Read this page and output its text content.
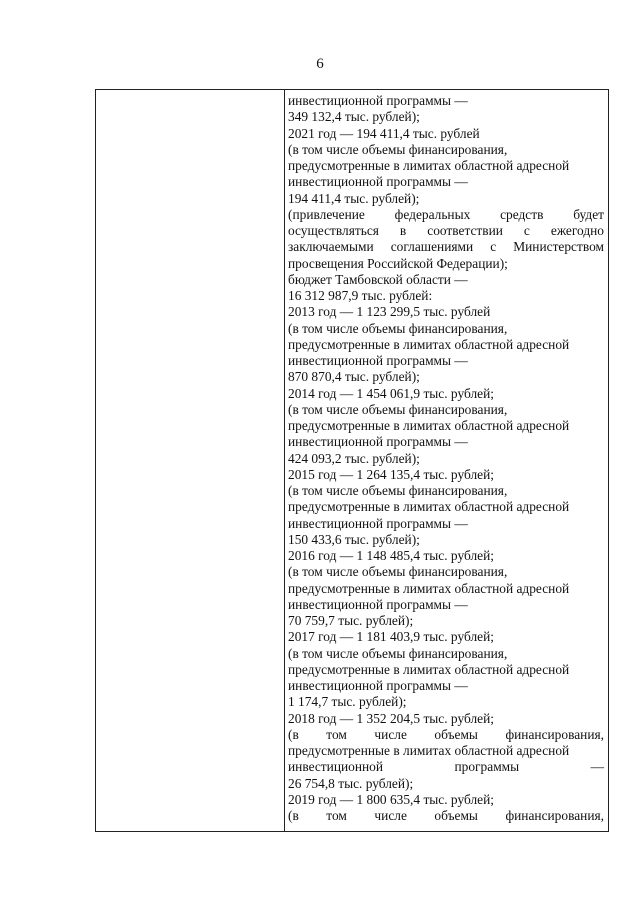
6
инвестиционной программы —
349 132,4 тыс. рублей);
2021 год — 194 411,4 тыс. рублей
(в том числе объемы финансирования,
предусмотренные в лимитах областной адресной
инвестиционной программы —
194 411,4 тыс. рублей);
(привлечение федеральных средств будет
осуществляться в соответствии с ежегодно
заключаемыми соглашениями с Министерством
просвещения Российской Федерации);
бюджет Тамбовской области —
16 312 987,9 тыс. рублей:
2013 год — 1 123 299,5 тыс. рублей
(в том числе объемы финансирования,
предусмотренные в лимитах областной адресной
инвестиционной программы —
870 870,4 тыс. рублей);
2014 год — 1 454 061,9 тыс. рублей;
(в том числе объемы финансирования,
предусмотренные в лимитах областной адресной
инвестиционной программы —
424 093,2 тыс. рублей);
2015 год — 1 264 135,4 тыс. рублей;
(в том числе объемы финансирования,
предусмотренные в лимитах областной адресной
инвестиционной программы —
150 433,6 тыс. рублей);
2016 год — 1 148 485,4 тыс. рублей;
(в том числе объемы финансирования,
предусмотренные в лимитах областной адресной
инвестиционной программы —
70 759,7 тыс. рублей);
2017 год — 1 181 403,9 тыс. рублей;
(в том числе объемы финансирования,
предусмотренные в лимитах областной адресной
инвестиционной программы —
1 174,7 тыс. рублей);
2018 год — 1 352 204,5 тыс. рублей;
(в том числе объемы финансирования,
предусмотренные в лимитах областной адресной
инвестиционной программы —
26 754,8 тыс. рублей);
2019 год — 1 800 635,4 тыс. рублей;
(в том числе объемы финансирования,
